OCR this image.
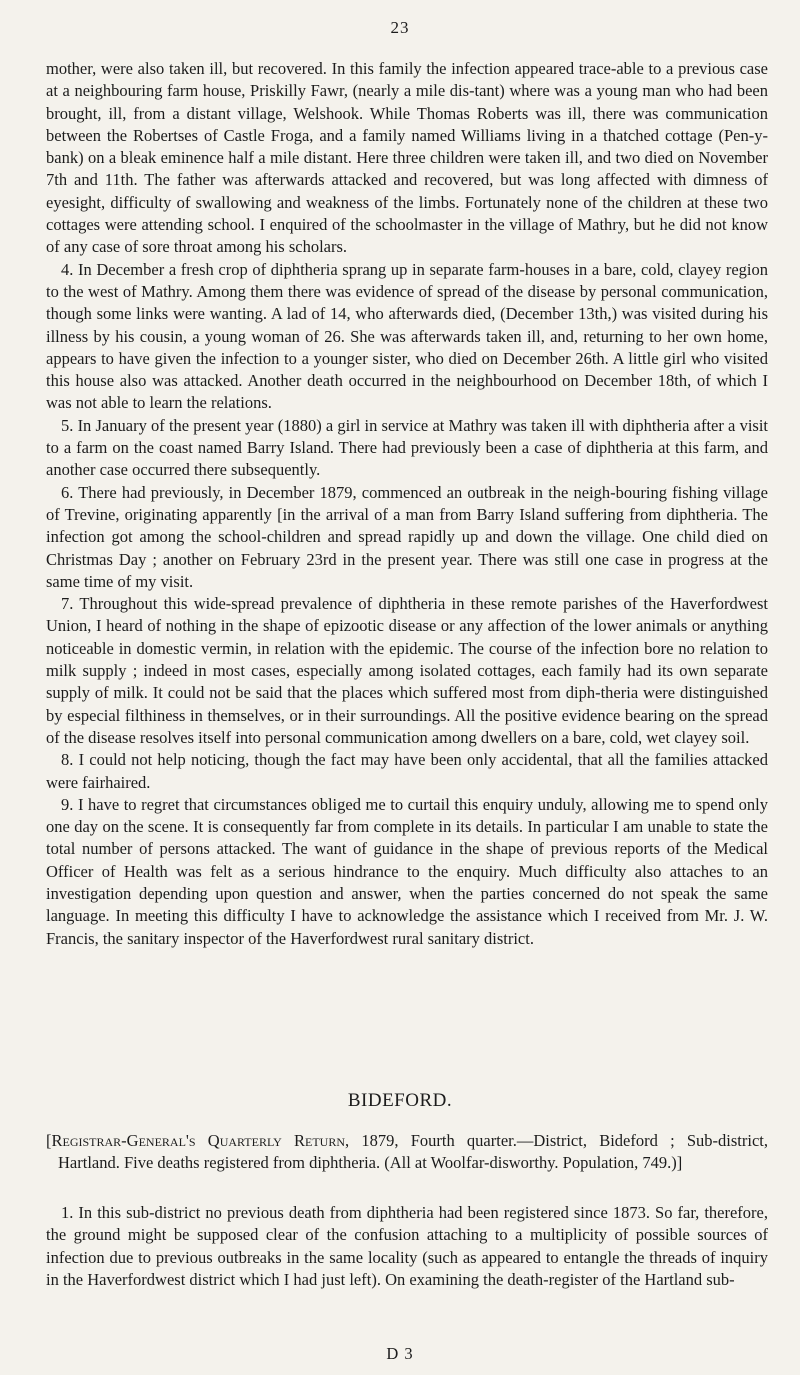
23

mother, were also taken ill, but recovered. In this family the infection appeared trace-able to a previous case at a neighbouring farm house, Priskilly Fawr, (nearly a mile dis-tant) where was a young man who had been brought, ill, from a distant village, Welshook. While Thomas Roberts was ill, there was communication between the Robertses of Castle Froga, and a family named Williams living in a thatched cottage (Pen-y-bank) on a bleak eminence half a mile distant. Here three children were taken ill, and two died on November 7th and 11th. The father was afterwards attacked and recovered, but was long affected with dimness of eyesight, difficulty of swallowing and weakness of the limbs. Fortunately none of the children at these two cottages were attending school. I enquired of the schoolmaster in the village of Mathry, but he did not know of any case of sore throat among his scholars.

4. In December a fresh crop of diphtheria sprang up in separate farm-houses in a bare, cold, clayey region to the west of Mathry. Among them there was evidence of spread of the disease by personal communication, though some links were wanting. A lad of 14, who afterwards died, (December 13th,) was visited during his illness by his cousin, a young woman of 26. She was afterwards taken ill, and, returning to her own home, appears to have given the infection to a younger sister, who died on December 26th. A little girl who visited this house also was attacked. Another death occurred in the neighbourhood on December 18th, of which I was not able to learn the relations.

5. In January of the present year (1880) a girl in service at Mathry was taken ill with diphtheria after a visit to a farm on the coast named Barry Island. There had previously been a case of diphtheria at this farm, and another case occurred there subsequently.

6. There had previously, in December 1879, commenced an outbreak in the neigh-bouring fishing village of Trevine, originating apparently [in the arrival of a man from Barry Island suffering from diphtheria. The infection got among the school-children and spread rapidly up and down the village. One child died on Christmas Day ; another on February 23rd in the present year. There was still one case in progress at the same time of my visit.

7. Throughout this wide-spread prevalence of diphtheria in these remote parishes of the Haverfordwest Union, I heard of nothing in the shape of epizootic disease or any affection of the lower animals or anything noticeable in domestic vermin, in relation with the epidemic. The course of the infection bore no relation to milk supply ; indeed in most cases, especially among isolated cottages, each family had its own separate supply of milk. It could not be said that the places which suffered most from diph-theria were distinguished by especial filthiness in themselves, or in their surroundings. All the positive evidence bearing on the spread of the disease resolves itself into personal communication among dwellers on a bare, cold, wet clayey soil.

8. I could not help noticing, though the fact may have been only accidental, that all the families attacked were fairhaired.

9. I have to regret that circumstances obliged me to curtail this enquiry unduly, allowing me to spend only one day on the scene. It is consequently far from complete in its details. In particular I am unable to state the total number of persons attacked. The want of guidance in the shape of previous reports of the Medical Officer of Health was felt as a serious hindrance to the enquiry. Much difficulty also attaches to an investigation depending upon question and answer, when the parties concerned do not speak the same language. In meeting this difficulty I have to acknowledge the assistance which I received from Mr. J. W. Francis, the sanitary inspector of the Haverfordwest rural sanitary district.

BIDEFORD.

[Registrar-General's Quarterly Return, 1879, Fourth quarter.—District, Bideford ; Sub-district, Hartland. Five deaths registered from diphtheria. (All at Woolfar-disworthy. Population, 749.)]

1. In this sub-district no previous death from diphtheria had been registered since 1873. So far, therefore, the ground might be supposed clear of the confusion attaching to a multiplicity of possible sources of infection due to previous outbreaks in the same locality (such as appeared to entangle the threads of inquiry in the Haverfordwest district which I had just left). On examining the death-register of the Hartland sub-

D 3
